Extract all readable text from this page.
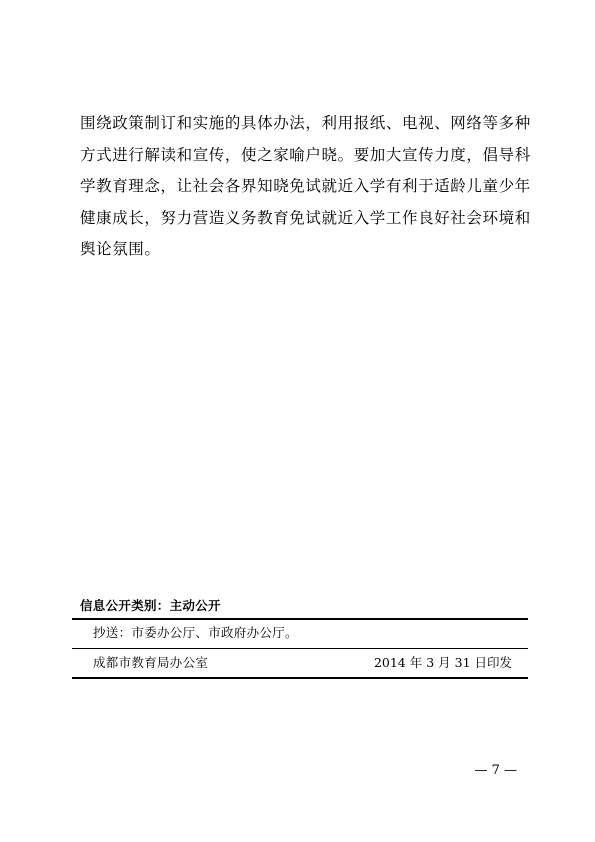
围绕政策制订和实施的具体办法，利用报纸、电视、网络等多种
方式进行解读和宣传，使之家喻户晓。要加大宣传力度，倡导科
学教育理念，让社会各界知晓免试就近入学有利于适龄儿童少年
健康成长，努力营造义务教育免试就近入学工作良好社会环境和
舆论氛围。
信息公开类别：主动公开
抄送：市委办公厅、市政府办公厅。
成都市教育局办公室	2014 年 3 月 31 日印发
— 7 —
